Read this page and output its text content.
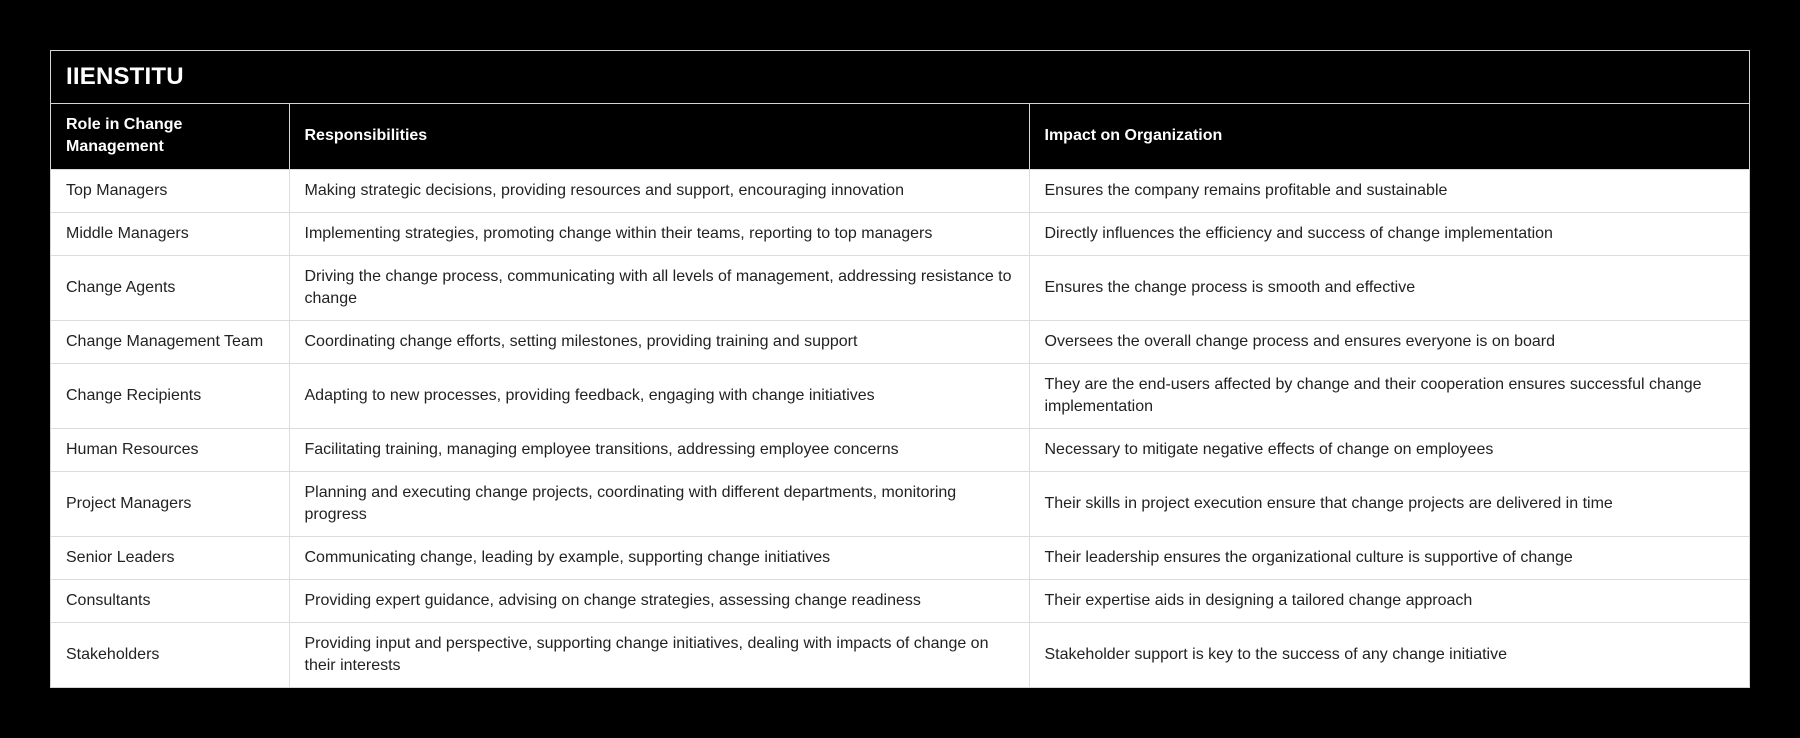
IIENSTITU
Role in Change Management	Responsibilities	Impact on Organization
Top Managers	Making strategic decisions, providing resources and support, encouraging innovation	Ensures the company remains profitable and sustainable
Middle Managers	Implementing strategies, promoting change within their teams, reporting to top managers	Directly influences the efficiency and success of change implementation
Change Agents	Driving the change process, communicating with all levels of management, addressing resistance to change	Ensures the change process is smooth and effective
Change Management Team	Coordinating change efforts, setting milestones, providing training and support	Oversees the overall change process and ensures everyone is on board
Change Recipients	Adapting to new processes, providing feedback, engaging with change initiatives	They are the end-users affected by change and their cooperation ensures successful change implementation
Human Resources	Facilitating training, managing employee transitions, addressing employee concerns	Necessary to mitigate negative effects of change on employees
Project Managers	Planning and executing change projects, coordinating with different departments, monitoring progress	Their skills in project execution ensure that change projects are delivered in time
Senior Leaders	Communicating change, leading by example, supporting change initiatives	Their leadership ensures the organizational culture is supportive of change
Consultants	Providing expert guidance, advising on change strategies, assessing change readiness	Their expertise aids in designing a tailored change approach
Stakeholders	Providing input and perspective, supporting change initiatives, dealing with impacts of change on their interests	Stakeholder support is key to the success of any change initiative
